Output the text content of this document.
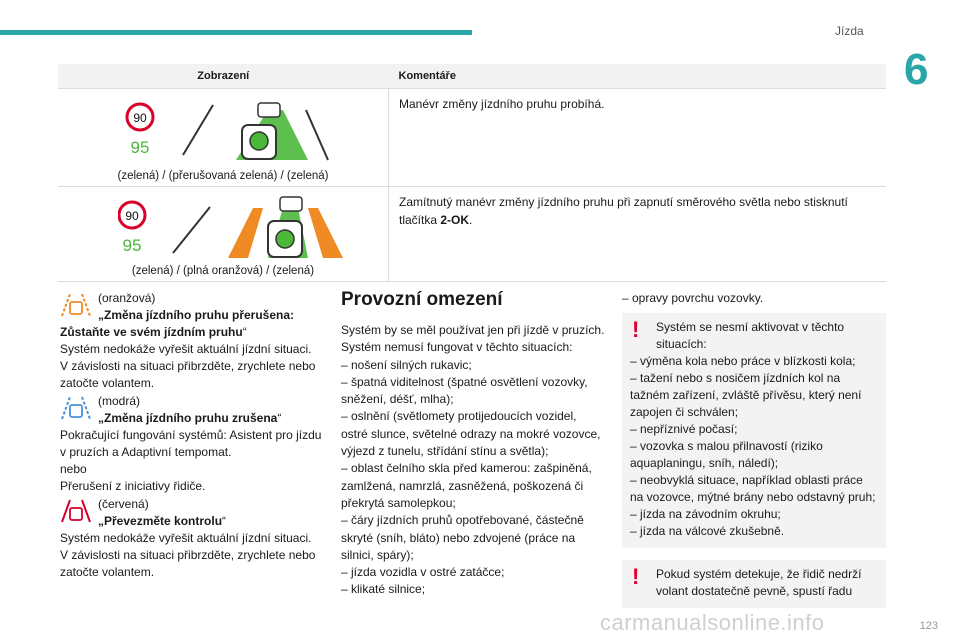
Jízda
6
123
carmanualsonline.info
Zobrazení	Komentáře

90
95
(zelená) / (přerušovaná zelená) / (zelená)	Manévr změny jízdního pruhu probíhá.

90
95
(zelená) / (plná oranžová) / (zelená)	Zamítnutý manévr změny jízdního pruhu při zapnutí směrového světla nebo stisknutí tlačítka 2-OK.

(oranžová)

„Změna jízdního pruhu přerušena: Zůstaňte ve svém jízdním pruhu“

Systém nedokáže vyřešit aktuální jízdní situaci. V závislosti na situaci přibrzděte, zrychlete nebo zatočte volantem.

(modrá)

„Změna jízdního pruhu zrušena“

Pokračující fungování systémů: Asistent pro jízdu v pruzích a Adaptivní tempomat.

nebo

Přerušení z iniciativy řidiče.

(červená)

„Převezměte kontrolu“

Systém nedokáže vyřešit aktuální jízdní situaci. V závislosti na situaci přibrzděte, zrychlete nebo zatočte volantem.

Provozní omezení

Systém by se měl používat jen při jízdě v pruzích.

Systém nemusí fungovat v těchto situacích:

– nošení silných rukavic;

– špatná viditelnost (špatné osvětlení vozovky, sněžení, déšť, mlha);

– oslnění (světlomety protijedoucích vozidel, ostré slunce, světelné odrazy na mokré vozovce, výjezd z tunelu, střídání stínu a světla);

– oblast čelního skla před kamerou: zašpiněná, zamlžená, namrzlá, zasněžená, poškozená či překrytá samolepkou;

– čáry jízdních pruhů opotřebované, částečně skryté (sníh, bláto) nebo zdvojené (práce na silnici, spáry);

– jízda vozidla v ostré zatáčce;

– klikaté silnice;

– opravy povrchu vozovky.

!	Systém se nesmí aktivovat v těchto situacích:

– výměna kola nebo práce v blízkosti kola;

– tažení nebo s nosičem jízdních kol na tažném zařízení, zvláště přívěsu, který není zapojen či schválen;

– nepříznivé počasí;

– vozovka s malou přilnavostí (riziko aquaplaningu, sníh, náledí);

– neobvyklá situace, například oblasti práce na vozovce, mýtné brány nebo odstavný pruh;

– jízda na závodním okruhu;

– jízda na válcové zkušebně.

!	Pokud systém detekuje, že řidič nedrží volant dostatečně pevně, spustí řadu
